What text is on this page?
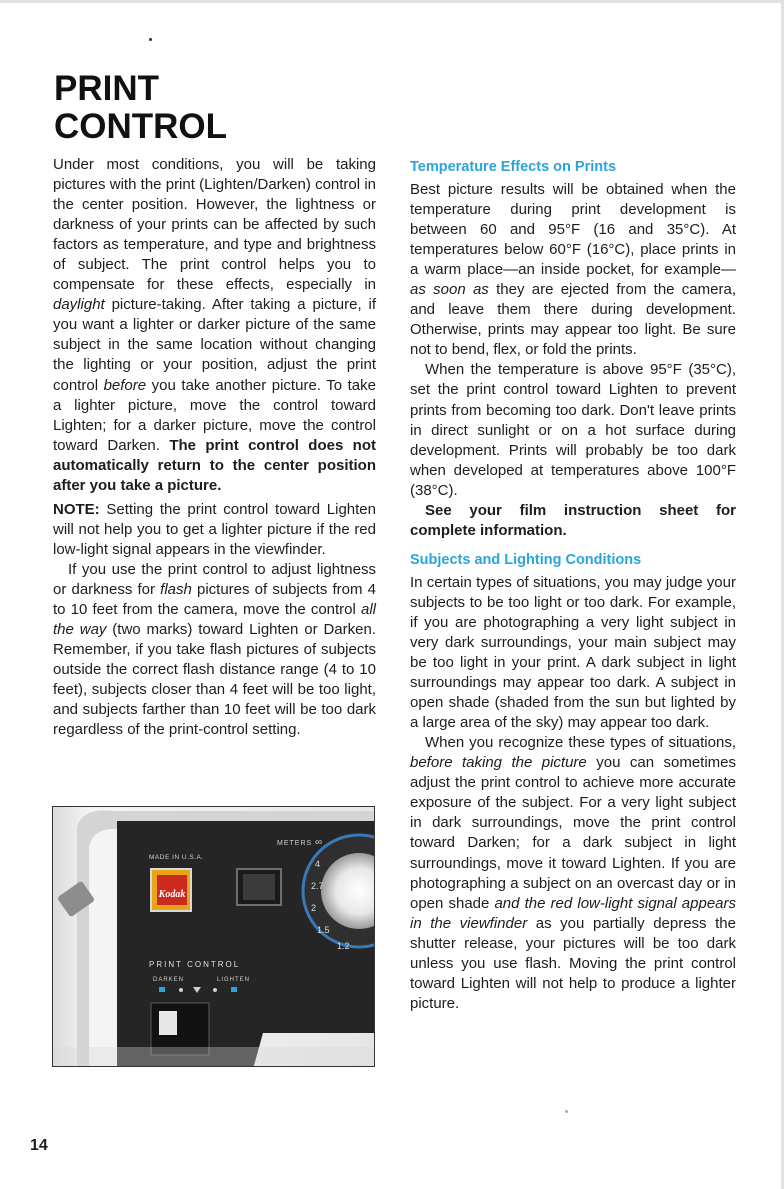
PRINT
CONTROL

Under most conditions, you will be taking pictures with the print (Lighten/Darken) control in the center position. However, the lightness or darkness of your prints can be affected by such factors as temperature, and type and brightness of subject. The print control helps you to compensate for these effects, especially in daylight picture-taking. After taking a picture, if you want a lighter or darker picture of the same subject in the same location without changing the lighting or your position, adjust the print control before you take another picture. To take a lighter picture, move the control toward Lighten; for a darker picture, move the control toward Darken. The print control does not automatically return to the center position after you take a picture.

NOTE: Setting the print control toward Lighten will not help you to get a lighter picture if the red low-light signal appears in the viewfinder.

If you use the print control to adjust lightness or darkness for flash pictures of subjects from 4 to 10 feet from the camera, move the control all the way (two marks) toward Lighten or Darken. Remember, if you take flash pictures of subjects outside the correct flash distance range (4 to 10 feet), subjects closer than 4 feet will be too light, and subjects farther than 10 feet will be too dark regardless of the print-control setting.

MADE IN U.S.A.
METERS ∞
Kodak
4
2.7
2
1.5
1.2
PRINT CONTROL
DARKEN	LIGHTEN
Temperature Effects on Prints

Best picture results will be obtained when the temperature during print development is between 60 and 95°F (16 and 35°C). At temperatures below 60°F (16°C), place prints in a warm place—an inside pocket, for example—as soon as they are ejected from the camera, and leave them there during development. Otherwise, prints may appear too light. Be sure not to bend, flex, or fold the prints.

When the temperature is above 95°F (35°C), set the print control toward Lighten to prevent prints from becoming too dark. Don't leave prints in direct sunlight or on a hot surface during development. Prints will probably be too dark when developed at temperatures above 100°F (38°C).

See your film instruction sheet for complete information.

Subjects and Lighting Conditions

In certain types of situations, you may judge your subjects to be too light or too dark. For example, if you are photographing a very light subject in very dark surroundings, your main subject may be too light in your print. A dark subject in light surroundings may appear too dark. A subject in open shade (shaded from the sun but lighted by a large area of the sky) may appear too dark.

When you recognize these types of situations, before taking the picture you can sometimes adjust the print control to achieve more accurate exposure of the subject. For a very light subject in dark surroundings, move the print control toward Darken; for a dark subject in light surroundings, move it toward Lighten. If you are photographing a subject on an overcast day or in open shade and the red low-light signal appears in the viewfinder as you partially depress the shutter release, your pictures will be too dark unless you use flash. Moving the print control toward Lighten will not help to produce a lighter picture.

14
